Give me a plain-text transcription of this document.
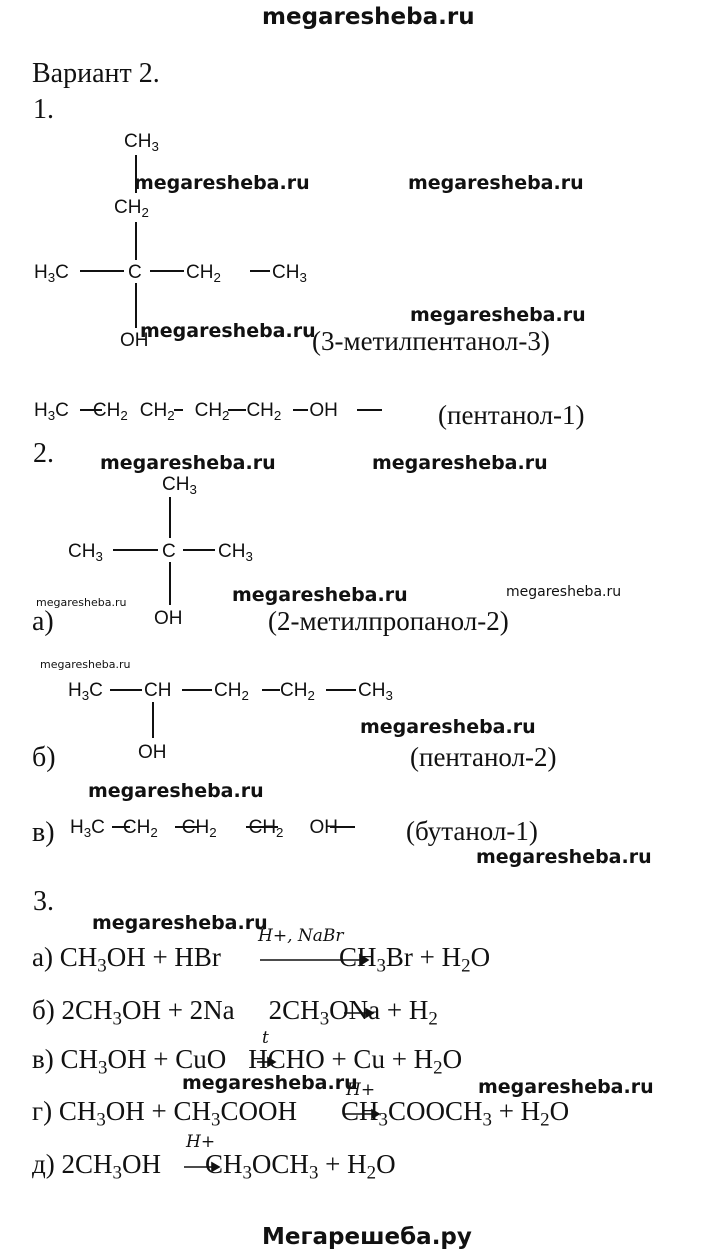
megaresheba.ru
Мегарешеба.ру
Вариант 2.
1.
$CH_3$
$CH_2$
$H_3C$	C $CH_2$	$CH_3$
OH	(3-метилпентанол-3)
$H_3C$ $CH_2$ $CH_2$ $CH_2$ $CH_2$ OH	(пентанол-1)
2.
$CH_3$
$CH_3$	C $CH_3$
OH
а)	(2-метилпропанол-2)
$H_3C$ CH $CH_2$ $CH_2$ $CH_3$
OH
б)	(пентанол-2)
в) $H_3C$ $CH_2$ $CH_2$ $CH_2$ OH	(бутанол-1)
3.
H+, NaBr
а) $CH_3OH$ + HBr	$CH_3Br + H_2O$
б) $2CH_3OH + 2Na$ $2CH_3ONa + H_2$
t
в) $CH_3OH$ + CuO HCHO + $Cu + H_2O$
H+
г) $CH_3OH$ + $CH_3COOH$ $CH_3COOCH_3 + H_2O$
H+
д) $2CH_3OH$ $CH_3OCH_3 + H_2O$
megaresheba.ru	megaresheba.ru
megaresheba.ru
megaresheba.ru
megaresheba.ru	megaresheba.ru
megaresheba.ru	megaresheba.ru
megaresheba.ru
megaresheba.ru
megaresheba.ru
megaresheba.ru
megaresheba.ru
megaresheba.ru
megaresheba.ru	megaresheba.ru
